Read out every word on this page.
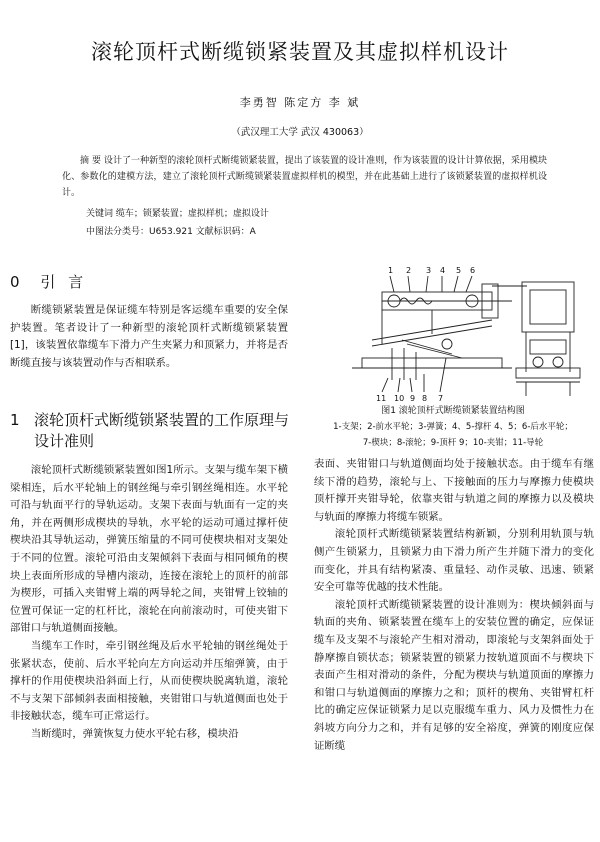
滚轮顶杆式断缆锁紧装置及其虚拟样机设计
李勇智 陈定方 李 斌
（武汉理工大学 武汉 430063）
摘 要 设计了一种新型的滚轮顶杆式断缆锁紧装置，提出了该装置的设计准则，作为该装置的设计计算依据，采用模块化、参数化的建模方法，建立了滚轮顶杆式断缆锁紧装置虚拟样机的模型，并在此基础上进行了该锁紧装置的虚拟样机设计。
关键词 缆车；锁紧装置；虚拟样机；虚拟设计
中图法分类号：U653.921 文献标识码：A
0 引 言

断缆锁紧装置是保证缆车特别是客运缆车重要的安全保护装置。笔者设计了一种新型的滚轮顶杆式断缆锁紧装置[1]，该装置依靠缆车下滑力产生夹紧力和顶紧力，并将是否断缆直接与该装置动作与否相联系。

1 滚轮顶杆式断缆锁紧装置的工作原理与设计准则

滚轮顶杆式断缆锁紧装置如图1所示。支架与缆车架下横梁相连，后水平轮轴上的钢丝绳与牵引钢丝绳相连。水平轮可沿与轨面平行的导轨运动。支架下表面与轨面有一定的夹角，并在两侧形成楔块的导轨，水平轮的运动可通过撑杆使楔块沿其导轨运动，弹簧压缩量的不同可使楔块相对支架处于不同的位置。滚轮可沿由支架倾斜下表面与相同倾角的楔块上表面所形成的导槽内滚动，连接在滚轮上的顶杆的前部为楔形，可插入夹钳臂上端的两导轮之间，夹钳臂上铰轴的位置可保证一定的杠杆比，滚轮在向前滚动时，可使夹钳下部钳口与轨道侧面接触。

当缆车工作时，牵引钢丝绳及后水平轮轴的钢丝绳处于张紧状态，使前、后水平轮向左方向运动并压缩弹簧，由于撑杆的作用使楔块沿斜面上行，从而使楔块脱离轨道，滚轮不与支架下部倾斜表面相接触，夹钳钳口与轨道侧面也处于非接触状态，缆车可正常运行。

当断缆时，弹簧恢复力使水平轮右移，模块沿

1 2 3 4 5 6
11 10 9 8 7
图1 滚轮顶杆式断缆锁紧装置结构图
1-支架；2-前水平轮；3-弹簧；4、5-撑杆 4、5；6-后水平轮；
7-楔块；8-滚轮；9-顶杆 9；10-夹钳；11-导轮

表面、夹钳钳口与轨道侧面均处于接触状态。由于缆车有继续下滑的趋势，滚轮与上、下接触面的压力与摩擦力使模块顶杆撑开夹钳导轮，依靠夹钳与轨道之间的摩擦力以及模块与轨面的摩擦力将缆车锁紧。

滚轮顶杆式断缆锁紧装置结构新颖，分别利用轨顶与轨侧产生锁紧力，且锁紧力由下滑力所产生并随下滑力的变化而变化，并具有结构紧凑、重量轻、动作灵敏、迅速、锁紧安全可靠等优越的技术性能。

滚轮顶杆式断缆锁紧装置的设计准则为：楔块倾斜面与轨面的夹角、锁紧装置在缆车上的安装位置的确定，应保证缆车及支架不与滚轮产生相对滑动，即滚轮与支架斜面处于静摩擦自锁状态；锁紧装置的锁紧力按轨道顶面不与楔块下表面产生相对滑动的条件，分配为楔块与轨道顶面的摩擦力和钳口与轨道侧面的摩擦力之和；顶杆的楔角、夹钳臂杠杆比的确定应保证锁紧力足以克服缆车重力、风力及惯性力在斜坡方向分力之和，并有足够的安全裕度，弹簧的刚度应保证断缆
